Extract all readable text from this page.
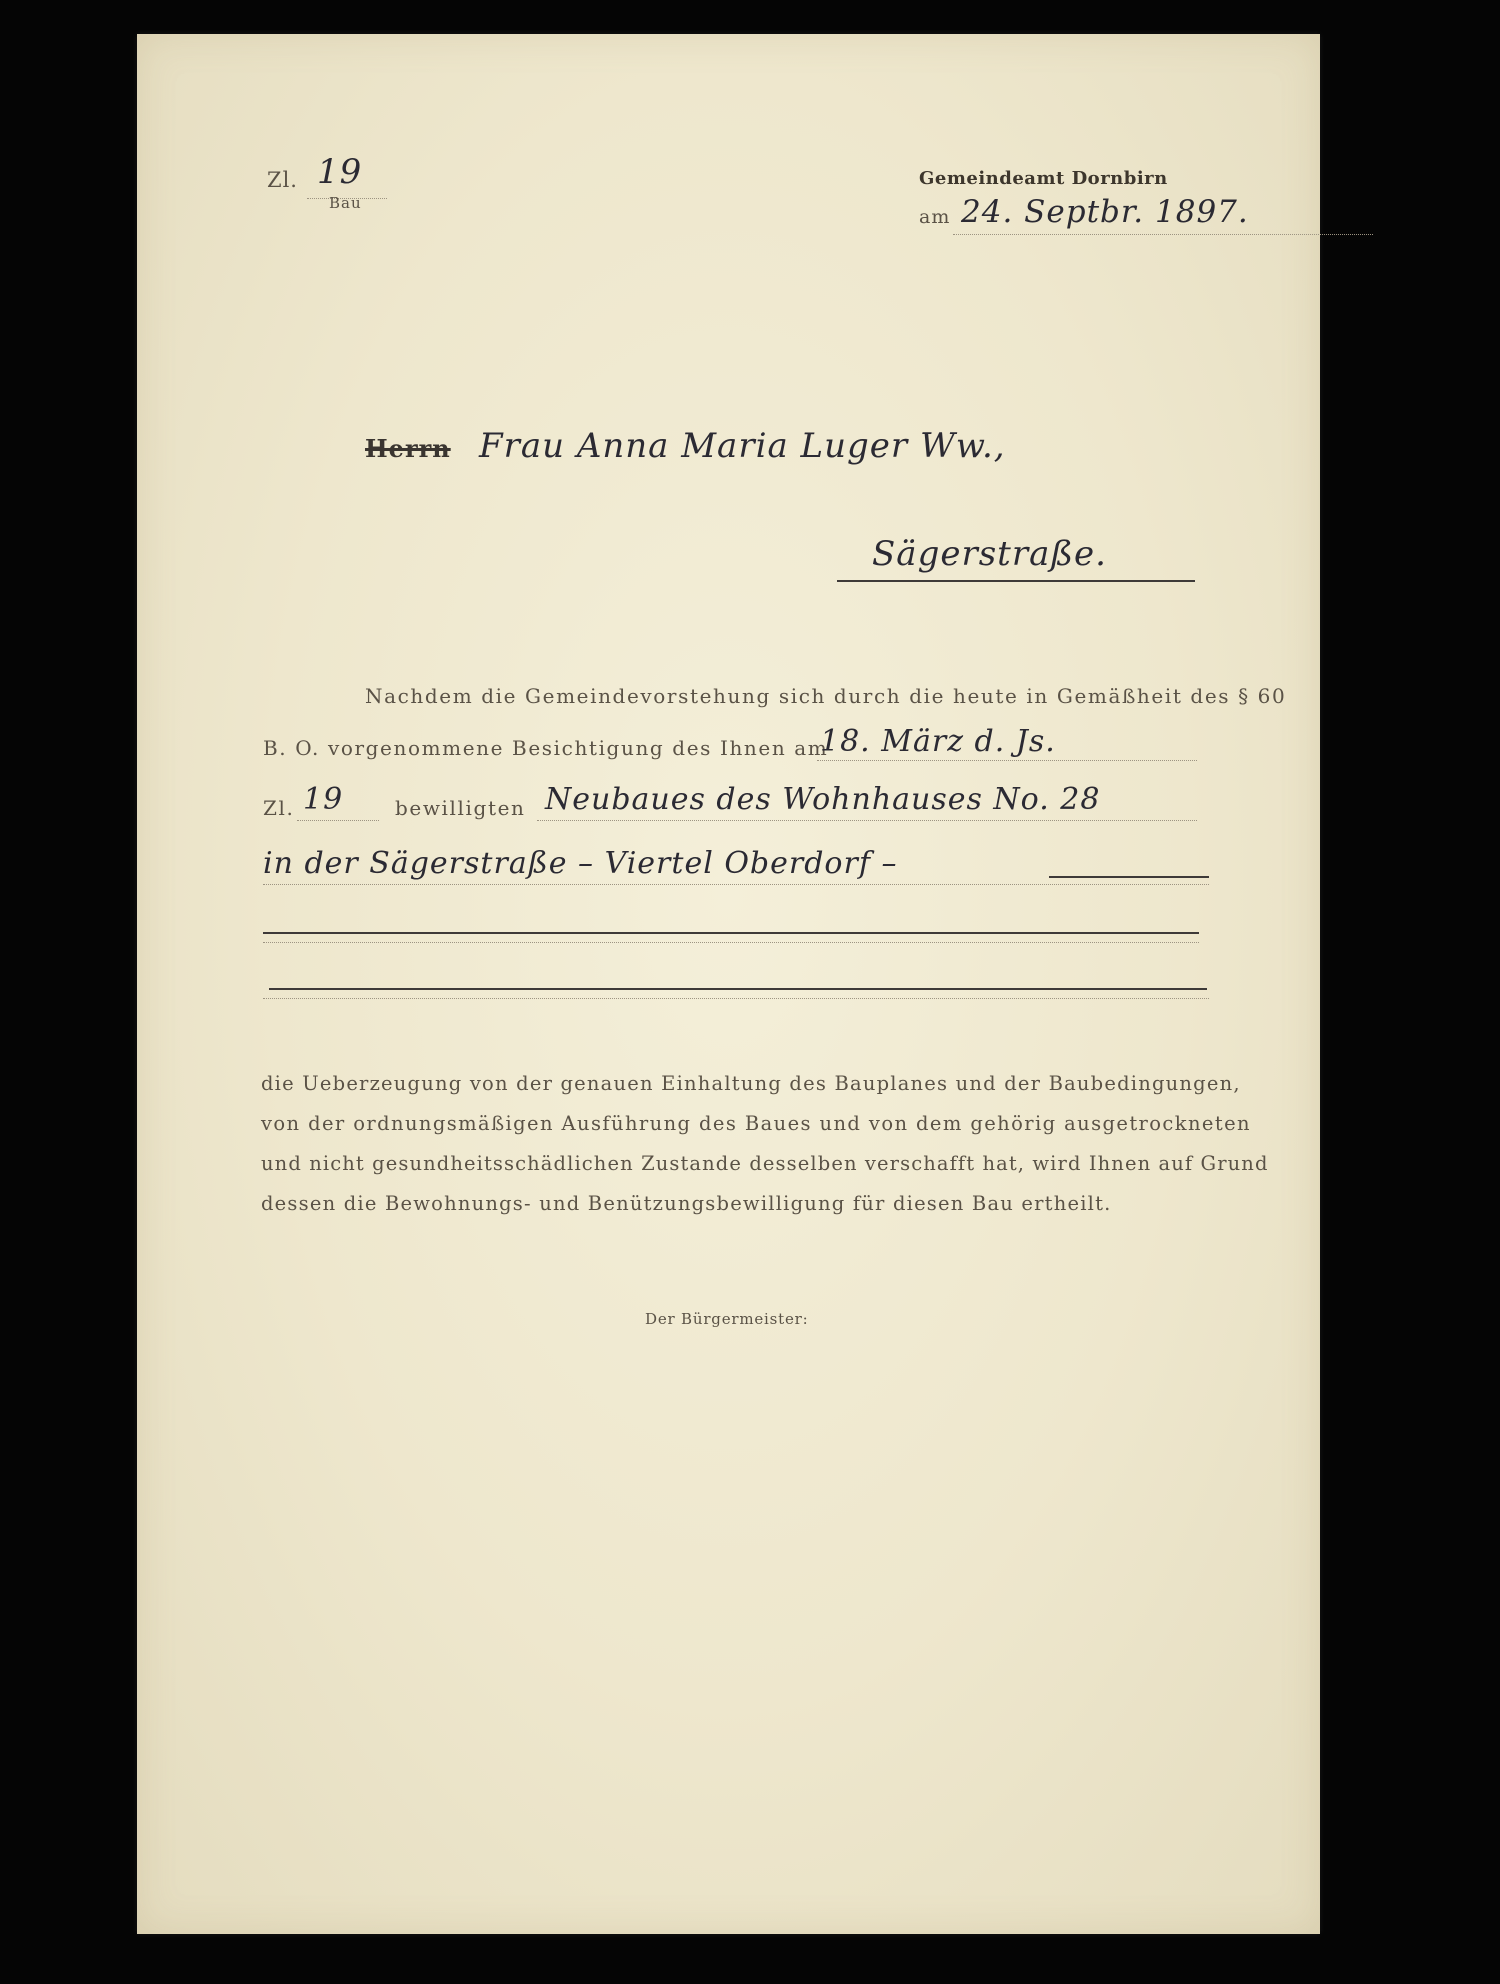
Zl. 19
Bau
Gemeindeamt Dornbirn
am 24. Septbr. 1897.
Herrn Frau Anna Maria Luger Ww.,
Sägerstraße.
Nachdem die Gemeindevorstehung sich durch die heute in Gemäßheit des § 60
B. O. vorgenommene Besichtigung des Ihnen am
18. März d. Js.
Zl. 19	bewilligten Neubaues des Wohnhauses No. 28
in der Sägerstraße – Viertel Oberdorf –
die Ueberzeugung von der genauen Einhaltung des Bauplanes und der Baubedingungen,
von der ordnungsmäßigen Ausführung des Baues und von dem gehörig ausgetrockneten
und nicht gesundheitsschädlichen Zustande desselben verschafft hat, wird Ihnen auf Grund
dessen die Bewohnungs- und Benützungsbewilligung für diesen Bau ertheilt.
Der Bürgermeister:
